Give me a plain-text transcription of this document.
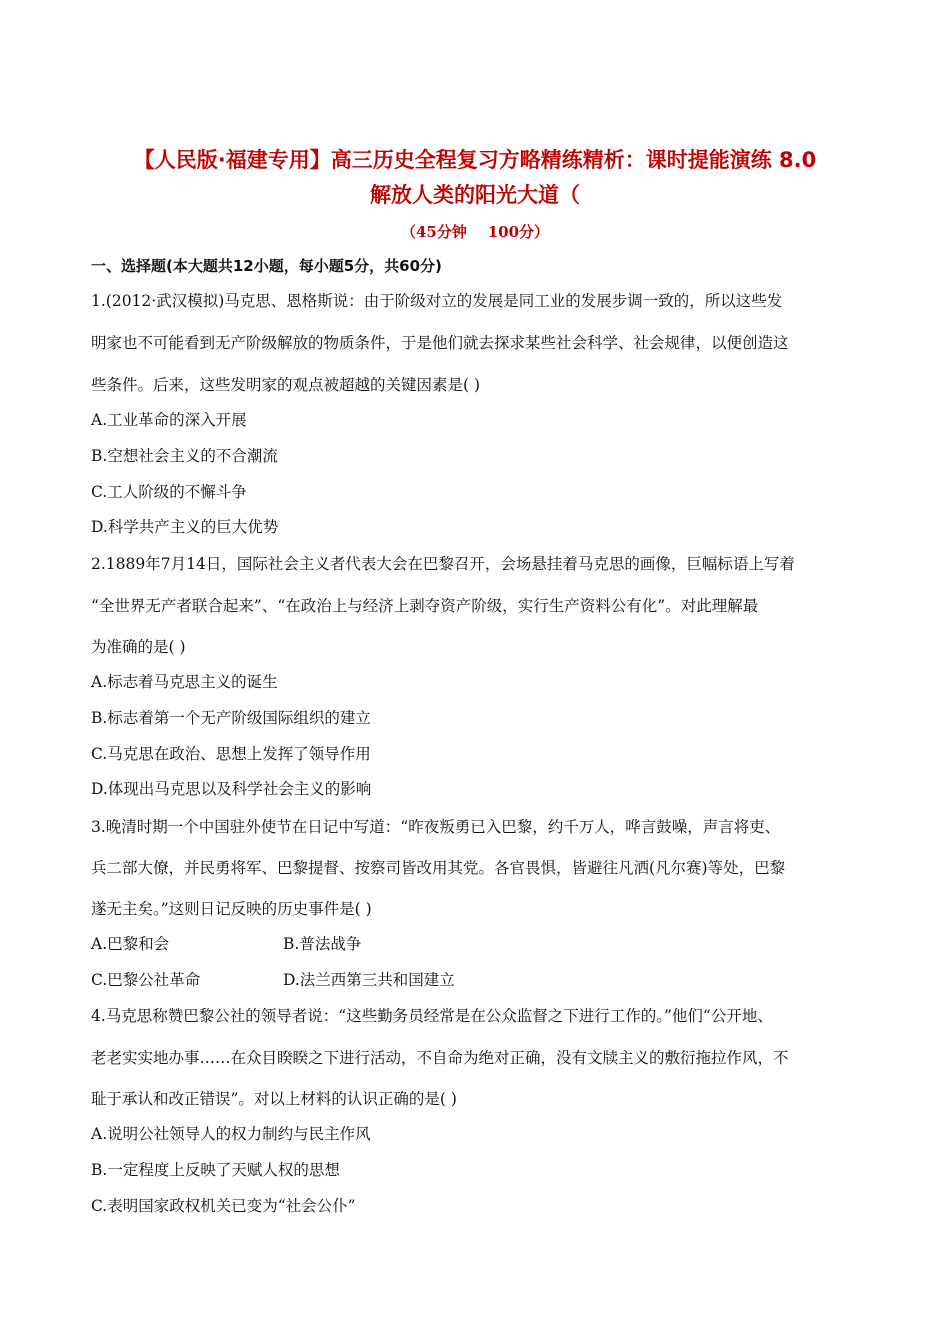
【人民版·福建专用】高三历史全程复习方略精练精析：课时提能演练 8.0
解放人类的阳光大道（
（45分钟    100分）
一、选择题(本大题共12小题，每小题5分，共60分)
1.(2012·武汉模拟)马克思、恩格斯说：由于阶级对立的发展是同工业的发展步调一致的，所以这些发
明家也不可能看到无产阶级解放的物质条件，于是他们就去探求某些社会科学、社会规律，以便创造这
些条件。后来，这些发明家的观点被超越的关键因素是( )
A.工业革命的深入开展
B.空想社会主义的不合潮流
C.工人阶级的不懈斗争
D.科学共产主义的巨大优势
2.1889年7月14日，国际社会主义者代表大会在巴黎召开，会场悬挂着马克思的画像，巨幅标语上写着
“全世界无产者联合起来”、“在政治上与经济上剥夺资产阶级，实行生产资料公有化”。对此理解最
为准确的是( )
A.标志着马克思主义的诞生
B.标志着第一个无产阶级国际组织的建立
C.马克思在政治、思想上发挥了领导作用
D.体现出马克思以及科学社会主义的影响
3.晚清时期一个中国驻外使节在日记中写道：“昨夜叛勇已入巴黎，约千万人，哗言鼓噪，声言将吏、
兵二部大僚，并民勇将军、巴黎提督、按察司皆改用其党。各官畏惧，皆避往凡洒(凡尔赛)等处，巴黎
遂无主矣。”这则日记反映的历史事件是( )
A.巴黎和会	B.普法战争
C.巴黎公社革命	D.法兰西第三共和国建立
4.马克思称赞巴黎公社的领导者说：“这些勤务员经常是在公众监督之下进行工作的。”他们“公开地、
老老实实地办事……在众目睽睽之下进行活动，不自命为绝对正确，没有文牍主义的敷衍拖拉作风，不
耻于承认和改正错误”。对以上材料的认识正确的是( )
A.说明公社领导人的权力制约与民主作风
B.一定程度上反映了天赋人权的思想
C.表明国家政权机关已变为“社会公仆”
